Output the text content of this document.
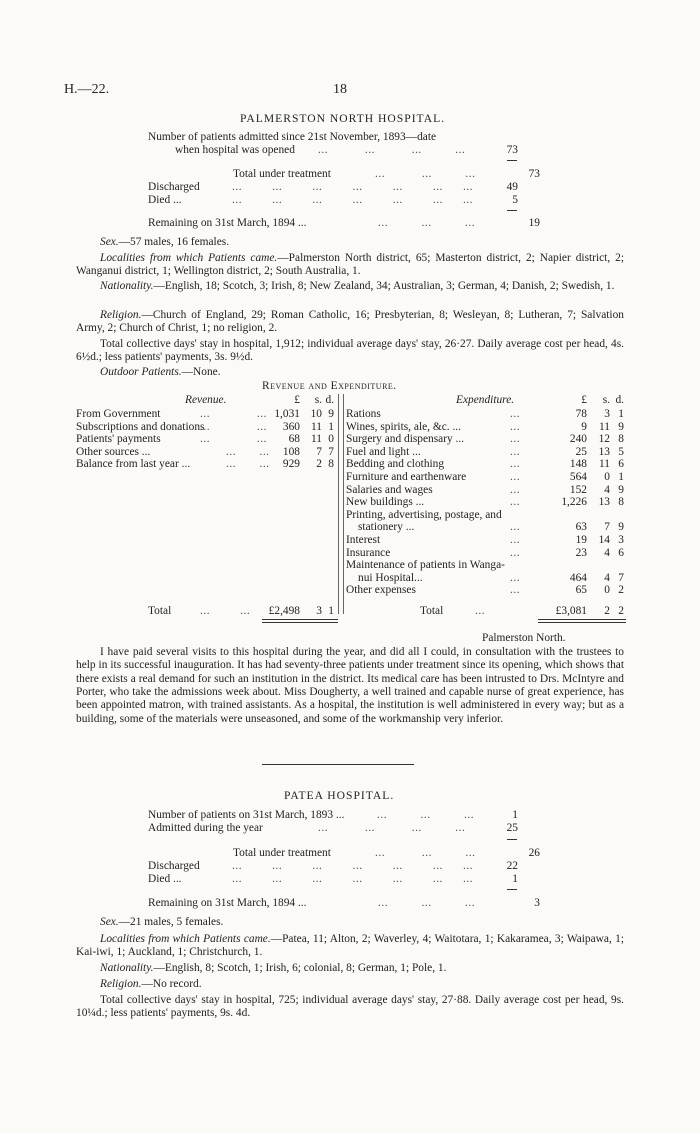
H.—22.	18
PALMERSTON NORTH HOSPITAL.
Number of patients admitted since 21st November, 1893—date
when hospital was opened ...           ...           ...          ...	73
Total under treatment	...           ...          ...	73
Discharged	...         ...         ...         ...         ...         ...      ...	49
Died ...	...         ...         ...         ...         ...         ...      ...	5
Remaining on 31st March, 1894 ...	...          ...          ...	19
Sex.—57 males, 16 females.
Localities from which Patients came.—Palmerston North district, 65; Masterton district, 2; Napier district, 2; Wanganui district, 1; Wellington district, 2; South Australia, 1.
Nationality.—English, 18; Scotch, 3; Irish, 8; New Zealand, 34; Australian, 3; German, 4; Danish, 2; Swedish, 1.
Religion.—Church of England, 29; Roman Catholic, 16; Presbyterian, 8; Wesleyan, 8; Lutheran, 7; Salvation Army, 2; Church of Christ, 1; no religion, 2.
Total collective days' stay in hospital, 1,912; individual average days' stay, 26·27. Daily average cost per head, 4s. 6½d.; less patients' payments, 3s. 9½d.
Outdoor Patients.—None.
Revenue and Expenditure.
Revenue.	Expenditure.
£	s. d.	£	s. d.
From Government	...              ... 1,031 10 9
Subscriptions and donations
...              ...	360 11 1
Patients' payments	...              ...	68 11 0
Other sources ...	...       ...	108	7 7
Balance from last year ...	...       ...	929	2 8
Rations	...	78	3 1
Wines, spirits, ale, &c. ...	...	9	11 9
Surgery and dispensary ...	...	240	12 8
Fuel and light ...	...	25	13 5
Bedding and clothing	...	148	11 6
Furniture and earthenware	...	564	0 1
Salaries and wages	...	152	4 9
New buildings ...	...	1,226	13 8
Printing, advertising, postage, and
stationery ...	...	63	7 9
Interest	...	19	14 3
Insurance	...	23	4 6
Maintenance of patients in Wanga-
nui Hospital...	...	464	4 7
Other expenses	...	65	0 2
Total	...         ...	£2,498	3 1	Total	...	£3,081	2 2
Palmerston North.
I have paid several visits to this hospital during the year, and did all I could, in consultation with the trustees to help in its successful inauguration. It has had seventy-three patients under treatment since its opening, which shows that there exists a real demand for such an institution in the district. Its medical care has been intrusted to Drs. McIntyre and Porter, who take the admissions week about. Miss Dougherty, a well trained and capable nurse of great experience, has been appointed matron, with trained assistants. As a hospital, the institution is well administered in every way; but as a building, some of the materials were unseasoned, and some of the workmanship very inferior.
PATEA HOSPITAL.
Number of patients on 31st March, 1893 ...	...          ...          ...	1
Admitted during the year	...           ...           ...          ...	25
Total under treatment	...           ...          ...	26
Discharged	...         ...         ...         ...         ...         ...      ...	22
Died ...	...         ...         ...         ...         ...         ...      ...	1
Remaining on 31st March, 1894 ...	...          ...          ...	3
Sex.—21 males, 5 females.
Localities from which Patients came.—Patea, 11; Alton, 2; Waverley, 4; Waitotara, 1; Kakaramea, 3; Waipawa, 1; Kai-iwi, 1; Auckland, 1; Christchurch, 1.
Nationality.—English, 8; Scotch, 1; Irish, 6; colonial, 8; German, 1; Pole, 1.
Religion.—No record.
Total collective days' stay in hospital, 725; individual average days' stay, 27·88. Daily average cost per head, 9s. 10¼d.; less patients' payments, 9s. 4d.
